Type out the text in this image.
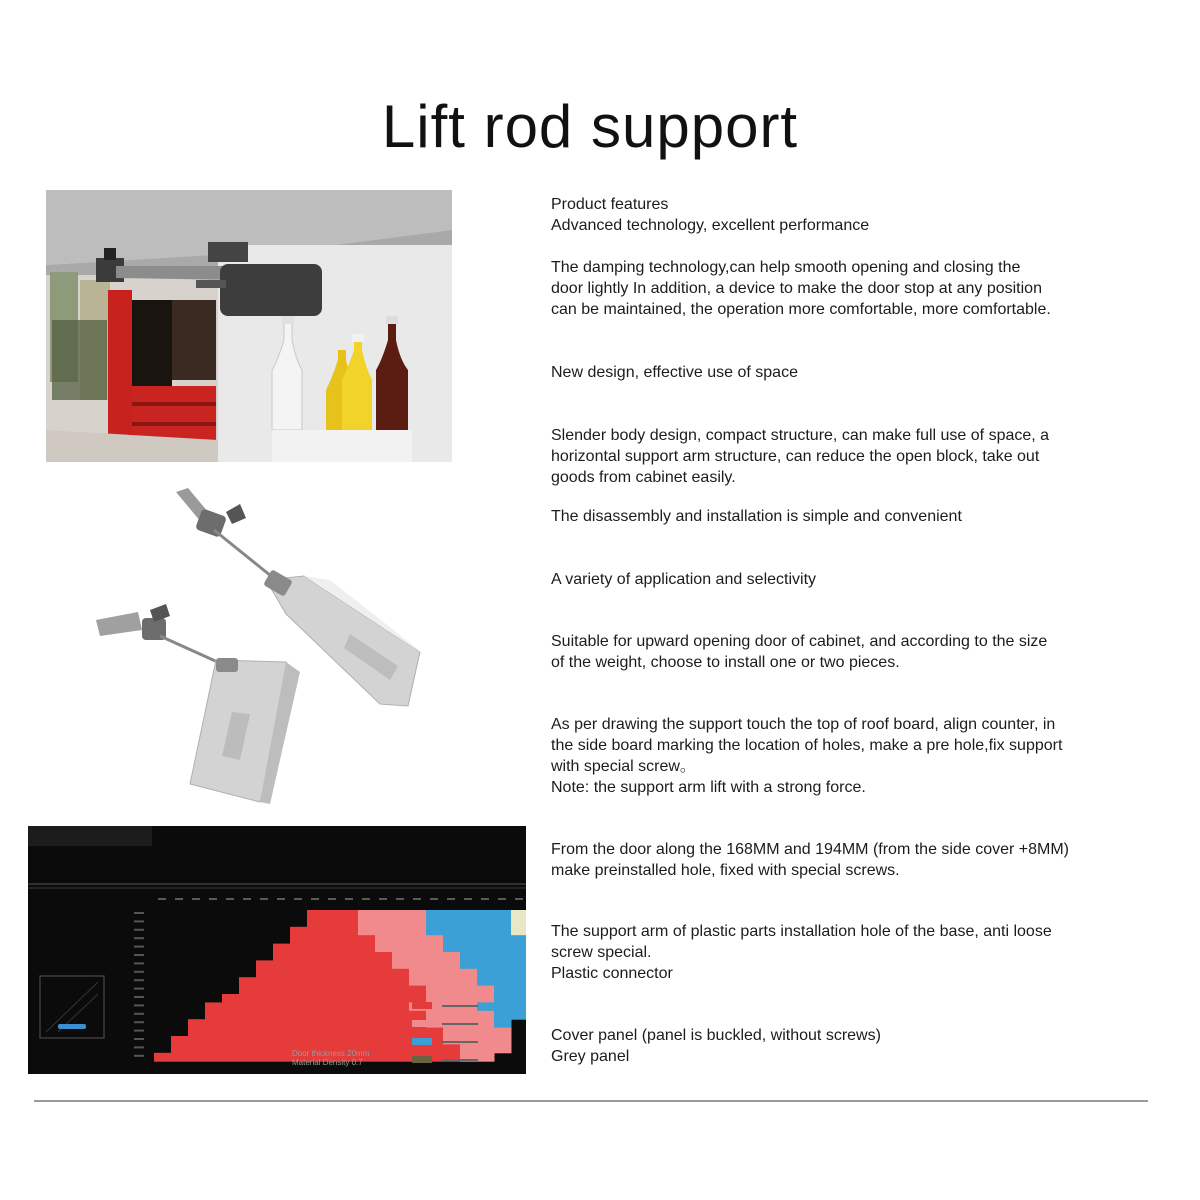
Lift rod support
Door thickness 20mm
Material Density 0.7
Product features
Advanced technology, excellent performance
The damping technology,can help smooth opening and closing the
door lightly In addition, a device to make the door stop at any position
can be maintained, the operation more comfortable, more comfortable.
New design, effective use of space
Slender body design, compact structure, can make full use of space, a
horizontal support arm structure, can reduce the open block, take out
goods from cabinet easily.
The disassembly and installation is simple and convenient
A variety of application and selectivity
Suitable for upward opening door of cabinet, and according to the size
of the weight, choose to install one or two pieces.
As per drawing the support touch the top of roof board, align counter, in
the side board marking the location of holes, make a pre hole,fix support
with special screw。
Note: the support arm lift with a strong force.
From the door along the 168MM and 194MM (from the side cover +8MM)
make preinstalled hole, fixed with special screws.
The support arm of plastic parts installation hole of the base, anti loose
screw special.
Plastic connector
Cover panel (panel is buckled, without screws)
Grey panel
